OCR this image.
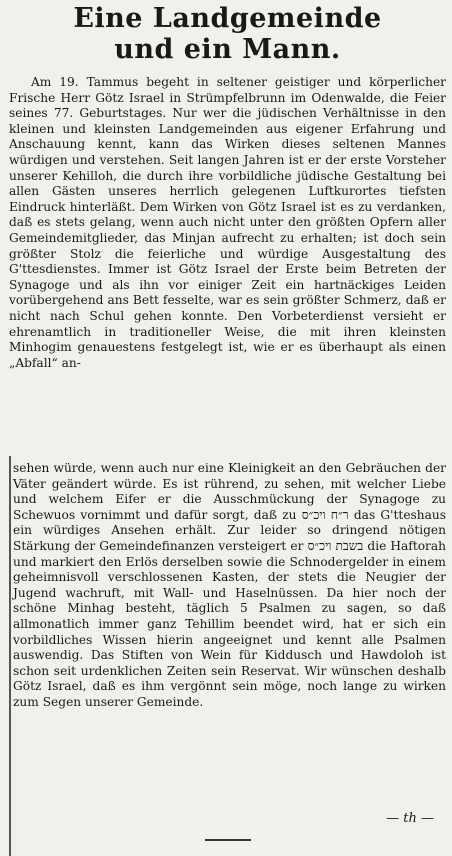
Eine Landgemeinde
und ein Mann.

Am 19. Tammus begeht in seltener geistiger und körperlicher Frische Herr Götz Israel in Strümpfelbrunn im Odenwalde, die Feier seines 77. Geburtstages. Nur wer die jüdischen Verhältnisse in den kleinen und kleinsten Landgemeinden aus eigener Erfahrung und Anschauung kennt, kann das Wirken dieses seltenen Mannes würdigen und verstehen. Seit langen Jahren ist er der erste Vorsteher unserer Kehilloh, die durch ihre vorbildliche jüdische Gestaltung bei allen Gästen unseres herrlich gelegenen Luftkurortes tiefsten Eindruck hinterläßt. Dem Wirken von Götz Israel ist es zu verdanken, daß es stets gelang, wenn auch nicht unter den größten Opfern aller Gemeindemitglieder, das Minjan aufrecht zu erhalten; ist doch sein größter Stolz die feierliche und würdige Ausgestaltung des G'ttesdienstes. Immer ist Götz Israel der Erste beim Betreten der Synagoge und als ihn vor einiger Zeit ein hartnäckiges Leiden vorübergehend ans Bett fesselte, war es sein größter Schmerz, daß er nicht nach Schul gehen konnte. Den Vorbeterdienst versieht er ehrenamtlich in traditioneller Weise, die mit ihren kleinsten Minhogim genauestens festgelegt ist, wie er es überhaupt als einen „Abfall“ an-

sehen würde, wenn auch nur eine Kleinigkeit an den Gebräuchen der Väter geändert würde. Es ist rührend, zu sehen, mit welcher Liebe und welchem Eifer er die Ausschmückung der Synagoge zu Schewuos vornimmt und dafür sorgt, daß zu ר״ח ויכ״ס das G'tteshaus ein würdiges Ansehen erhält. Zur leider so dringend nötigen Stärkung der Gemeindefinanzen versteigert er בשבת ויכ״ס die Haftorah und markiert den Erlös derselben sowie die Schnodergelder in einem geheimnisvoll verschlossenen Kasten, der stets die Neugier der Jugend wachruft, mit Wall- und Haselnüssen. Da hier noch der schöne Minhag besteht, täglich 5 Psalmen zu sagen, so daß allmonatlich immer ganz Tehillim beendet wird, hat er sich ein vorbildliches Wissen hierin angeeignet und kennt alle Psalmen auswendig. Das Stiften von Wein für Kiddusch und Hawdoloh ist schon seit urdenklichen Zeiten sein Reservat. Wir wünschen deshalb Götz Israel, daß es ihm vergönnt sein möge, noch lange zu wirken zum Segen unserer Gemeinde.

— th —
